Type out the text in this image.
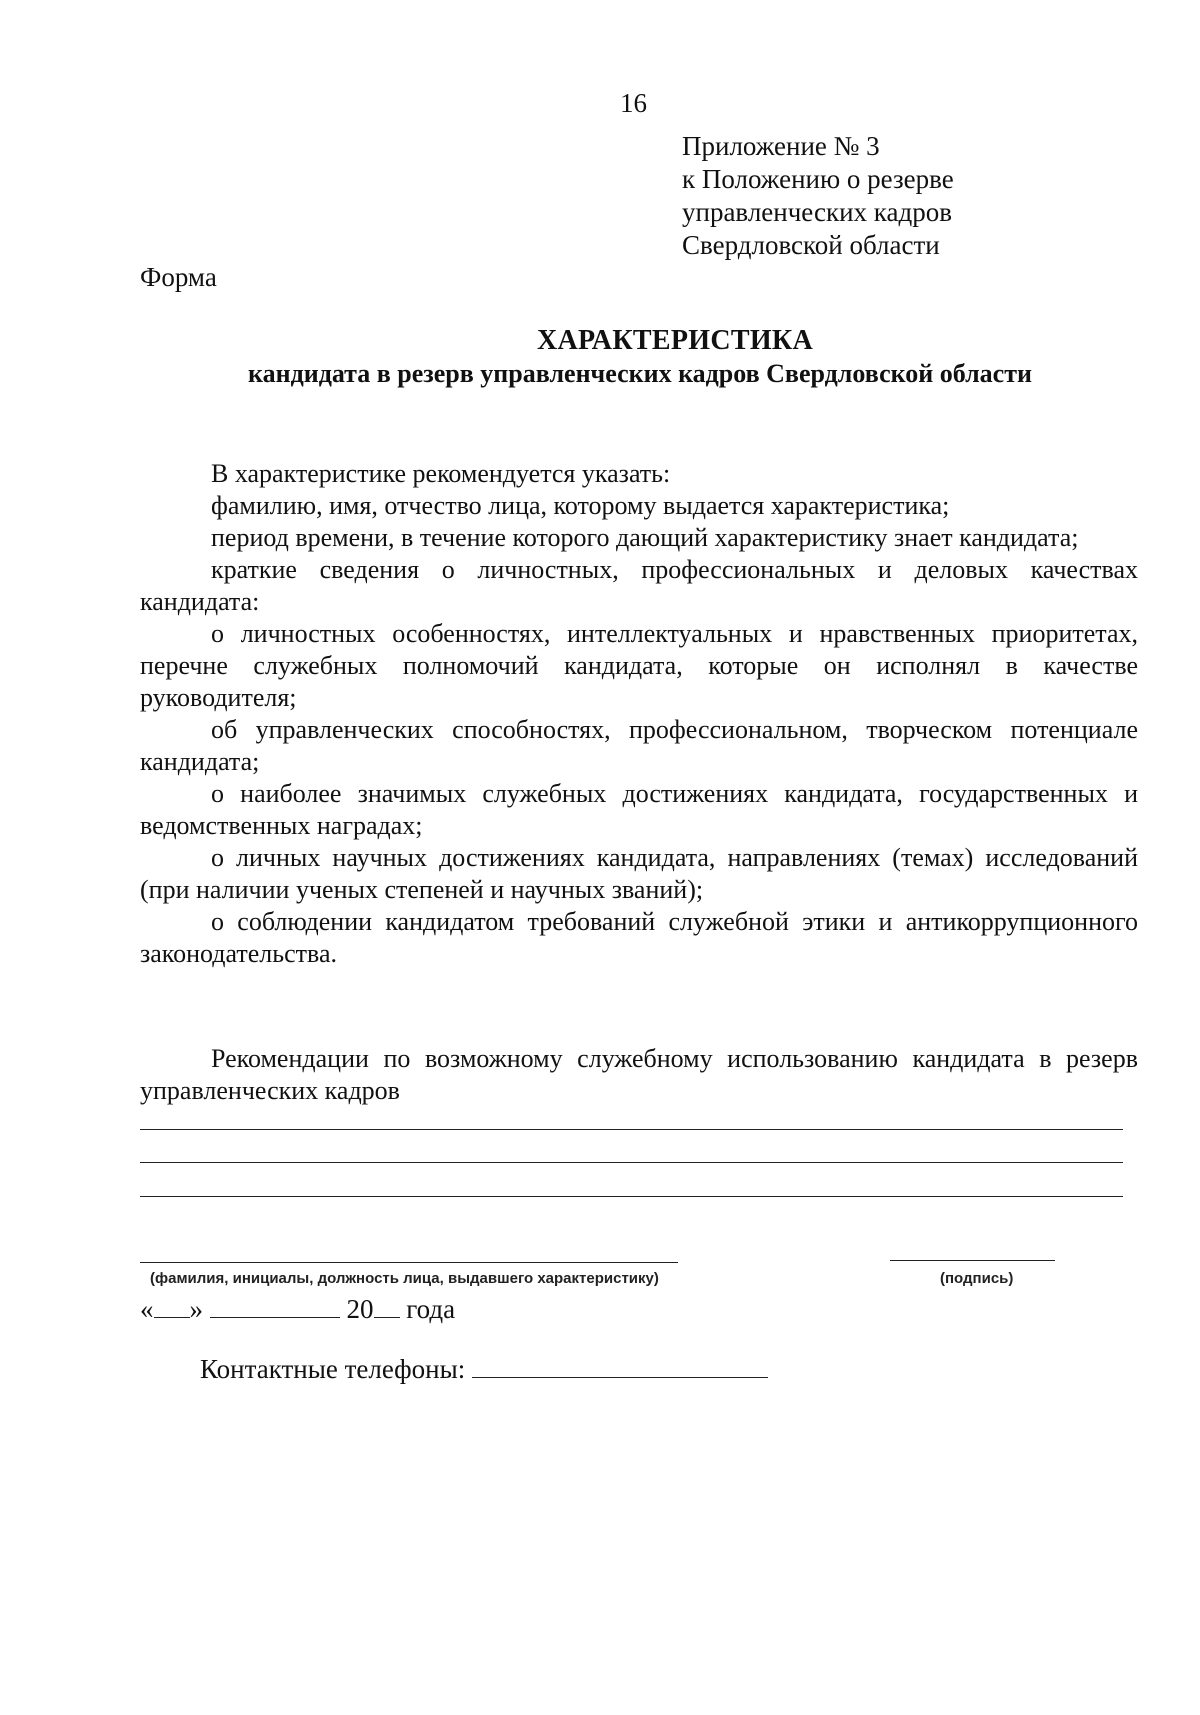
16
Приложение № 3
к Положению о резерве
управленческих кадров
Свердловской области
Форма
ХАРАКТЕРИСТИКА
кандидата в резерв управленческих кадров Свердловской области

В характеристике рекомендуется указать:

фамилию, имя, отчество лица, которому выдается характеристика;

период времени, в течение которого дающий характеристику знает кандидата;

краткие сведения о личностных, профессиональных и деловых качествах кандидата:

о личностных особенностях, интеллектуальных и нравственных приоритетах, перечне служебных полномочий кандидата, которые он исполнял в качестве руководителя;

об управленческих способностях, профессиональном, творческом потенциале кандидата;

о наиболее значимых служебных достижениях кандидата, государственных и ведомственных наградах;

о личных научных достижениях кандидата, направлениях (темах) исследований (при наличии ученых степеней и научных званий);

о соблюдении кандидатом требований служебной этики и антикоррупционного законодательства.

Рекомендации по возможному служебному использованию кандидата в резерв управленческих кадров
(фамилия, инициалы, должность лица, выдавшего характеристику)	(подпись)
« »	20 года
Контактные телефоны:
